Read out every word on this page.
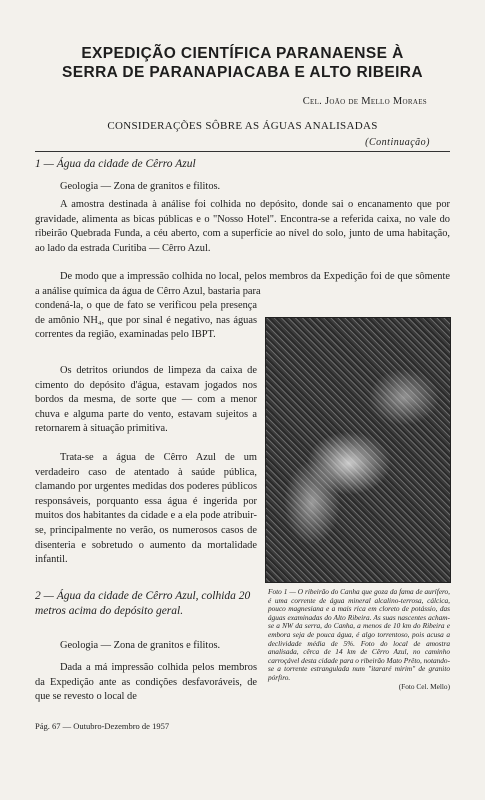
EXPEDIÇÃO CIENTÍFICA PARANAENSE À
SERRA DE PARANAPIACABA E ALTO RIBEIRA
Cel. João de Mello Moraes
CONSIDERAÇÕES SÔBRE AS ÁGUAS ANALISADAS
(Continuação)
1 — Água da cidade de Cêrro Azul
Geologia — Zona de granitos e filitos.
A amostra destinada à análise foi colhida no depósito, donde sai o encanamento que por gravidade, alimenta as bicas públicas e o "Nosso Hotel". Encontra-se a referida caixa, no vale do ribeirão Quebrada Funda, a céu aberto, com a superfície ao nível do solo, junto de uma habitação, ao lado da estrada Curitiba — Cêrro Azul.
De modo que a impressão colhida no local, pelos membros da Expedição foi de que sômente a análise química da água de Cêrro Azul, bastaria para
condená-la, o que de fato se verificou pela presença de amônio NH₄, que por sinal é negativo, nas águas correntes da região, examinadas pelo IBPT.
Os detritos oriundos de limpeza da caixa de cimento do depósito d'água, estavam jogados nos bordos da mesma, de sorte que — com a menor chuva e alguma parte do vento, estavam sujeitos a retornarem à situação primitiva.
Trata-se a água de Cêrro Azul de um verdadeiro caso de atentado à saúde pública, clamando por urgentes medidas dos poderes públicos responsáveis, porquanto essa água é ingerida por muitos dos habitantes da cidade e a ela pode atribuir-se, principalmente no verão, os numerosos casos de disenteria e sobretudo o aumento da mortalidade infantil.
2 — Água da cidade de Cêrro Azul, colhida 20 metros acima do depósito geral.
Geologia — Zona de granitos e filitos.
Dada a má impressão colhida pelos membros da Expedição ante as condições desfavoráveis, de que se revesto o local de
Foto 1 — O ribeirão do Canha que goza da fama de aurífero, é uma corrente de água mineral alcalino-terrosa, cálcica, pouco magnesiana e a mais rica em cloreto de potássio, das águas examinadas do Alto Ribeira. As suas nascentes acham-se a NW da serra, do Canha, a menos de 10 km do Ribeira e embora seja de pouca água, é algo torrentoso, pois acusa a declividade média de 5%. Foto do local de amostra analisada, cêrca de 14 km de Cêrro Azul, no caminho carroçável desta cidade para o ribeirão Mato Prêto, notando-se a torrente estrangulada num "itararé mirim" de granito pórfiro.
(Foto Cel. Mello)
Pág. 67 — Outubro-Dezembro de 1957
